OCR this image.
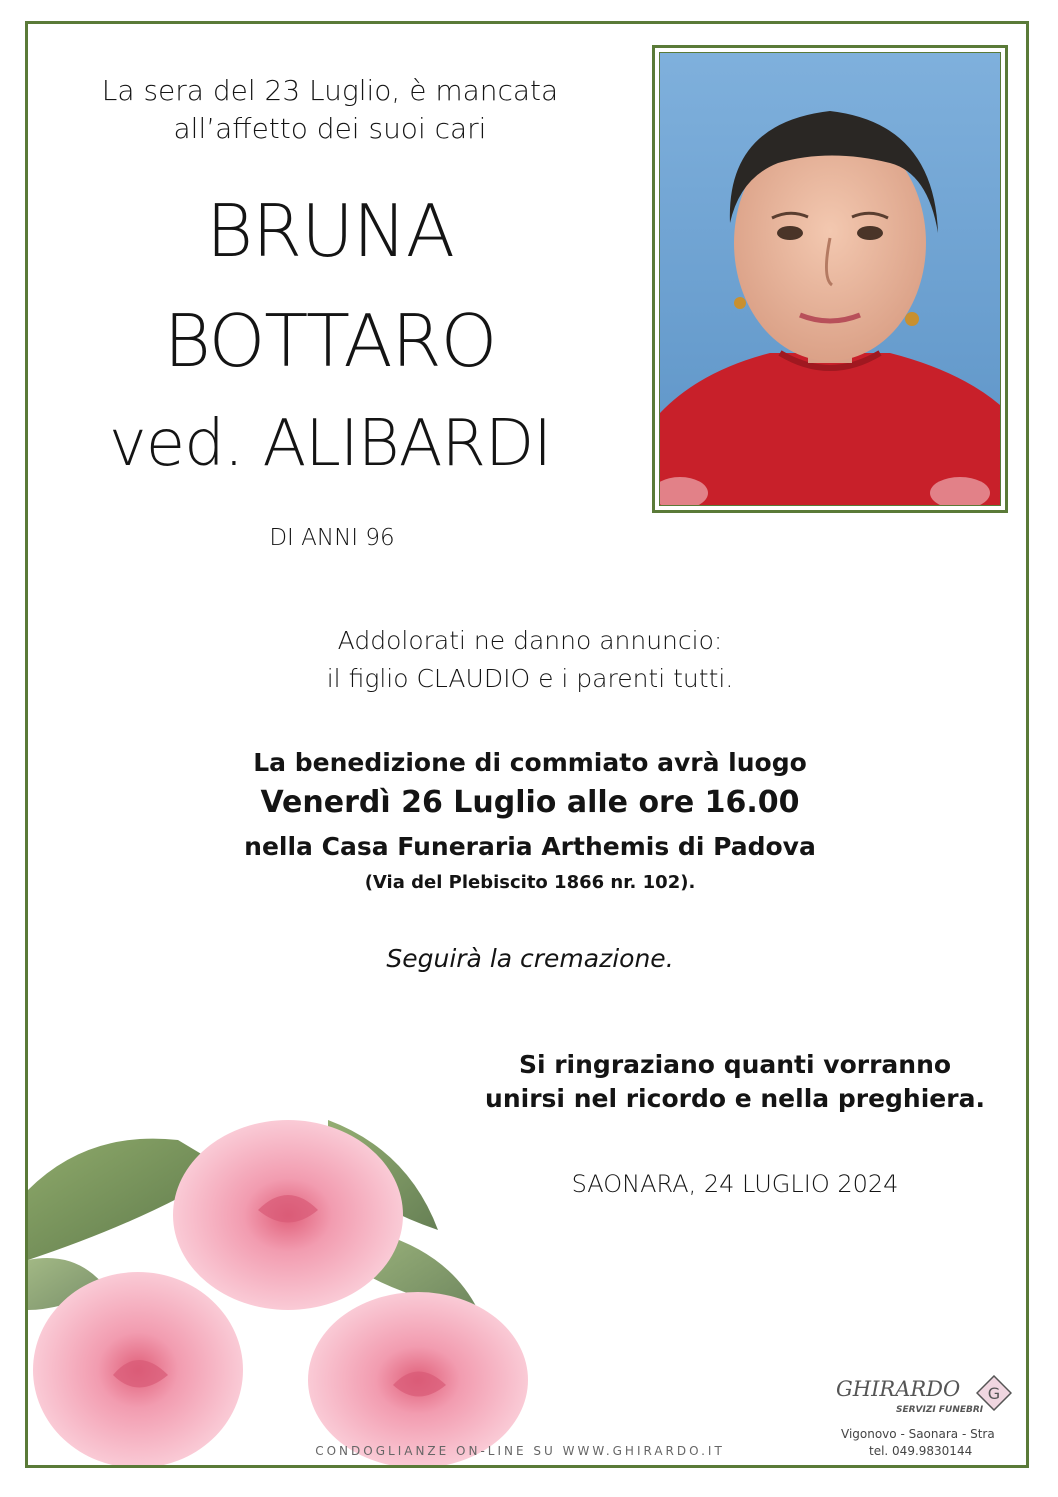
La sera del 23 Luglio, è mancata
all’affetto dei suoi cari
BRUNA
BOTTARO
ved. ALIBARDI
DI ANNI 96
Addolorati ne danno annuncio:
il figlio CLAUDIO e i parenti tutti.
La benedizione di commiato avrà luogo
Venerdì 26 Luglio alle ore 16.00
nella Casa Funeraria Arthemis di Padova
(Via del Plebiscito 1866 nr. 102).
Seguirà la cremazione.
Si ringraziano quanti vorranno
unirsi nel ricordo e nella preghiera.
SAONARA, 24 LUGLIO 2024
CONDOGLIANZE ON-LINE SU WWW.GHIRARDO.IT
GHIRARDO
SERVIZI FUNEBRI
G
Vigonovo - Saonara - Stra
tel. 049.9830144
